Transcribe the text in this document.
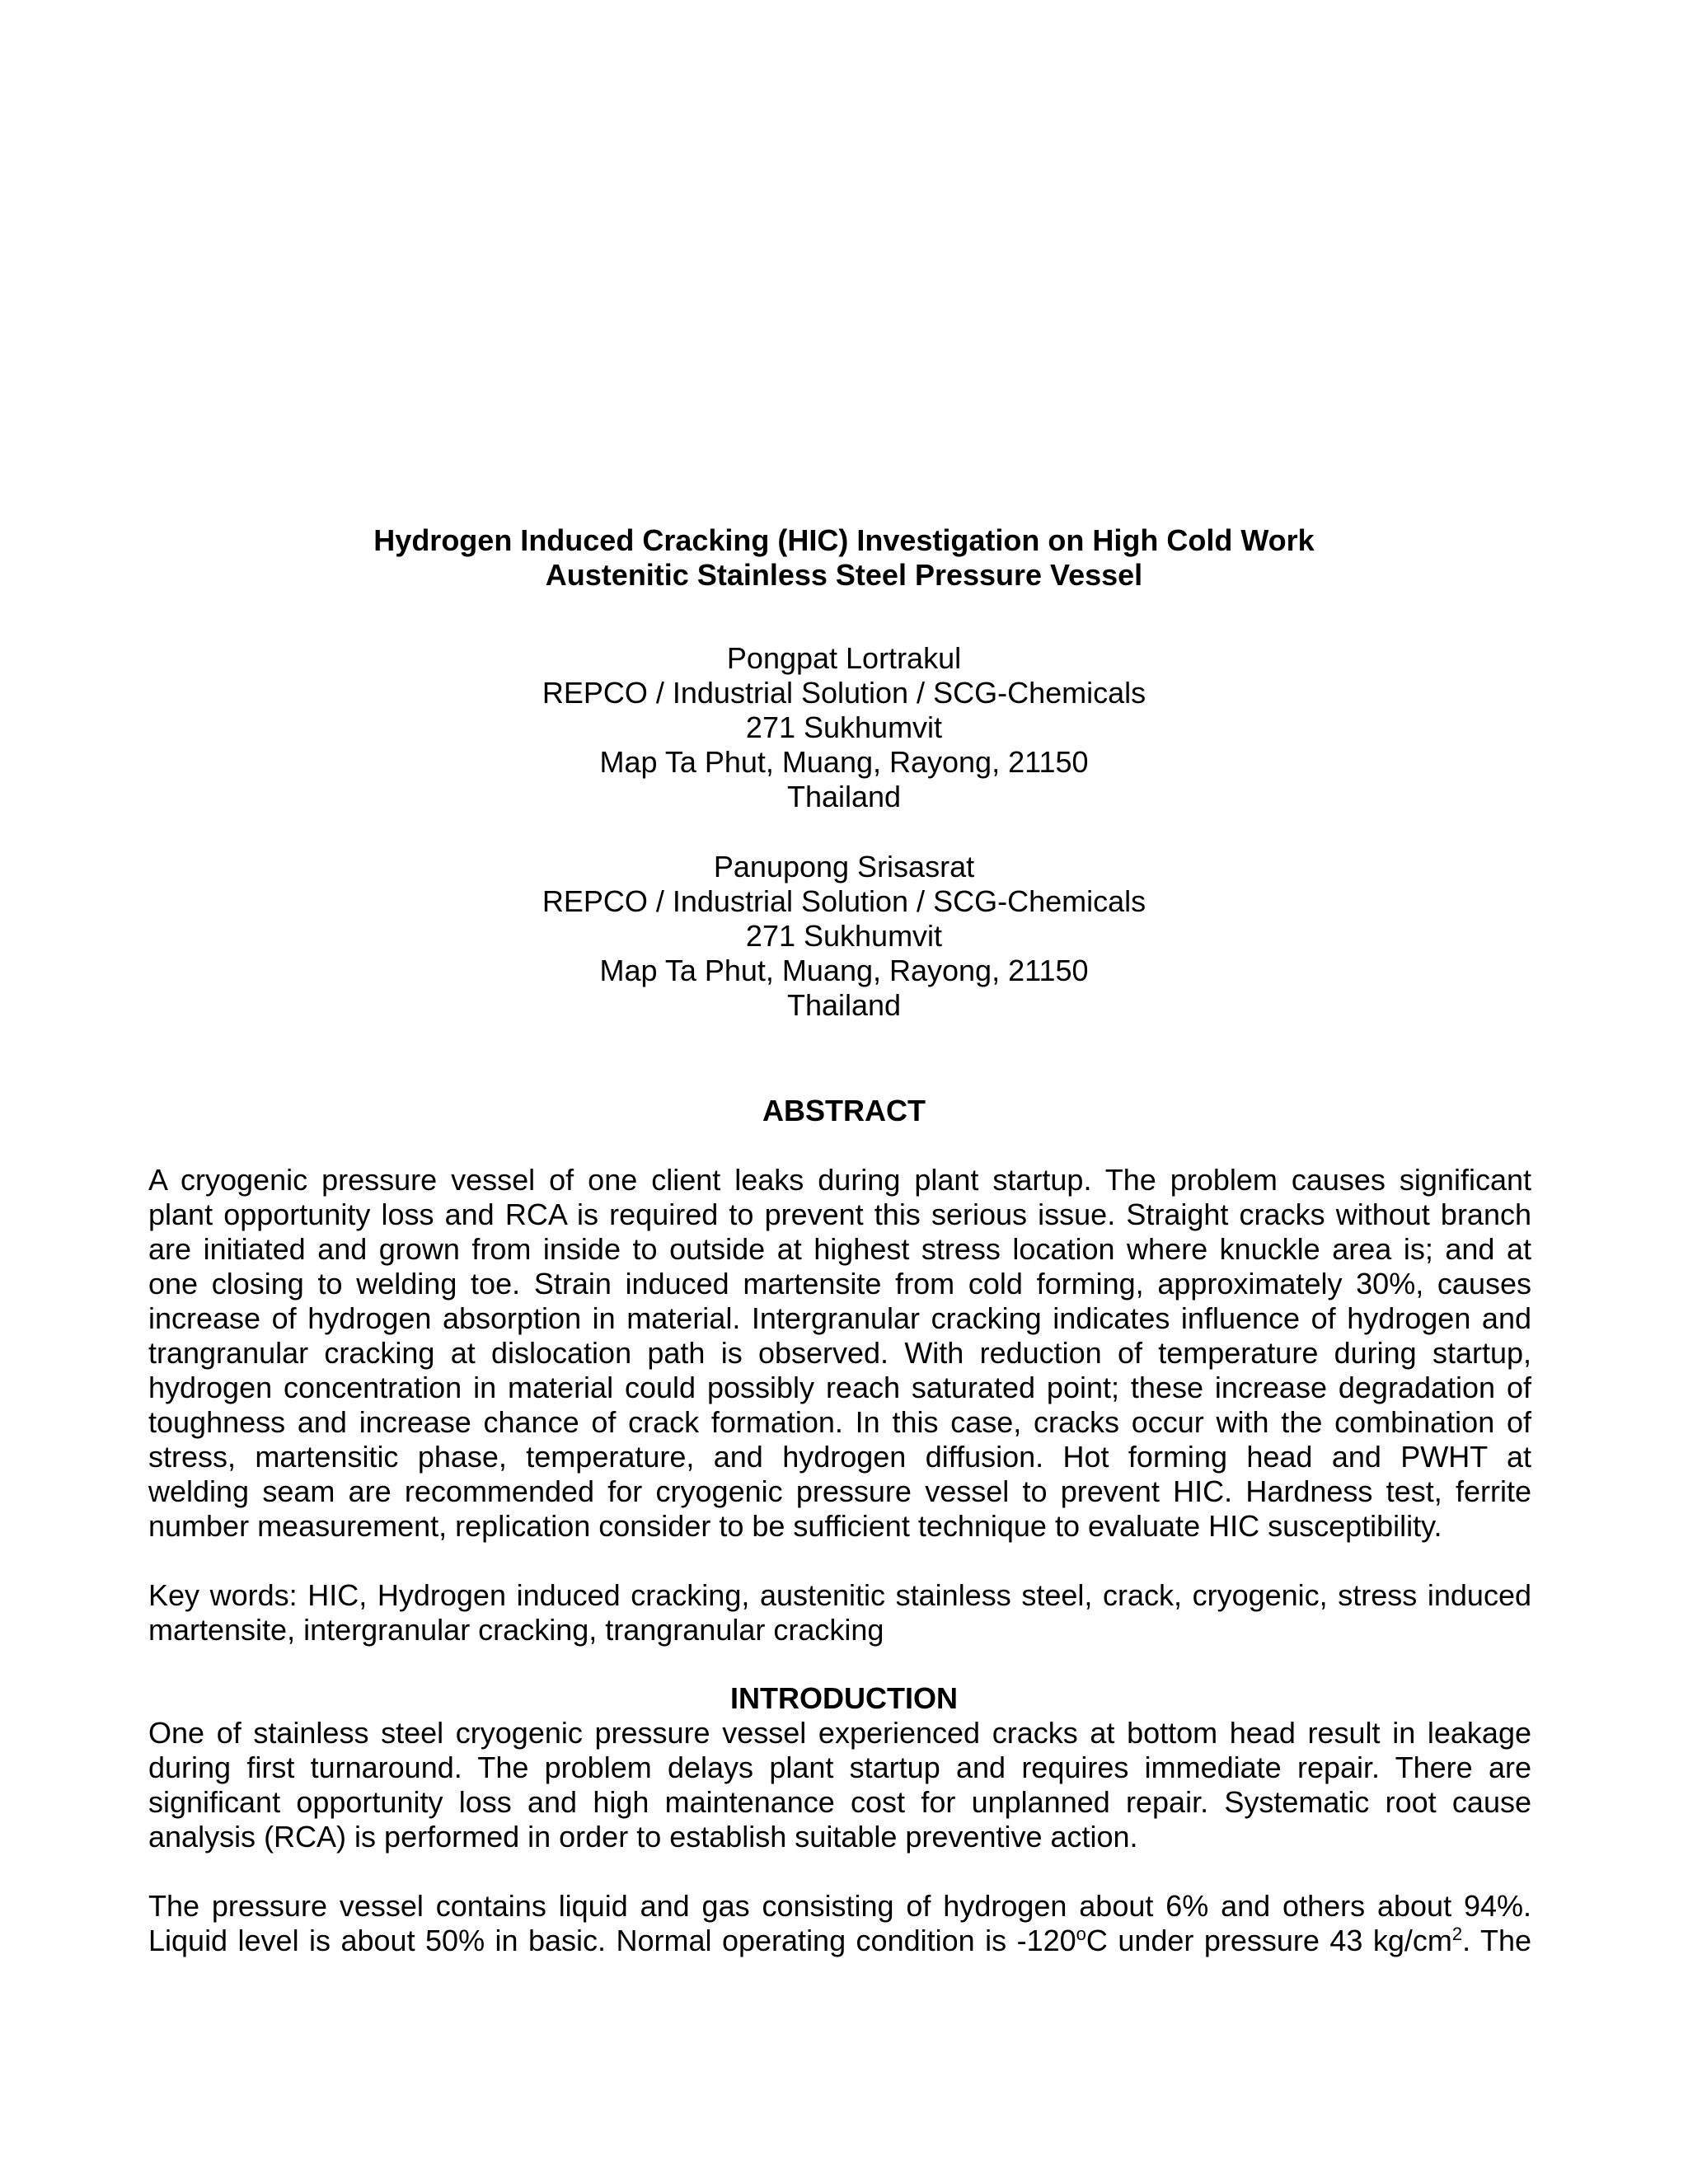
Hydrogen Induced Cracking (HIC) Investigation on High Cold Work
Austenitic Stainless Steel Pressure Vessel
Pongpat Lortrakul
REPCO / Industrial Solution / SCG-Chemicals
271 Sukhumvit
Map Ta Phut, Muang, Rayong, 21150
Thailand
Panupong Srisasrat
REPCO / Industrial Solution / SCG-Chemicals
271 Sukhumvit
Map Ta Phut, Muang, Rayong, 21150
Thailand
ABSTRACT
A cryogenic pressure vessel of one client leaks during plant startup. The problem causes significant
plant opportunity loss and RCA is required to prevent this serious issue. Straight cracks without branch
are initiated and grown from inside to outside at highest stress location where knuckle area is; and at
one closing to welding toe. Strain induced martensite from cold forming, approximately 30%, causes
increase of hydrogen absorption in material. Intergranular cracking indicates influence of hydrogen and
trangranular cracking at dislocation path is observed. With reduction of temperature during startup,
hydrogen concentration in material could possibly reach saturated point; these increase degradation of
toughness and increase chance of crack formation. In this case, cracks occur with the combination of
stress, martensitic phase, temperature, and hydrogen diffusion. Hot forming head and PWHT at
welding seam are recommended for cryogenic pressure vessel to prevent HIC. Hardness test, ferrite
number measurement, replication consider to be sufficient technique to evaluate HIC susceptibility.
Key words: HIC, Hydrogen induced cracking, austenitic stainless steel, crack, cryogenic, stress induced
martensite, intergranular cracking, trangranular cracking
INTRODUCTION
One of stainless steel cryogenic pressure vessel experienced cracks at bottom head result in leakage
during first turnaround. The problem delays plant startup and requires immediate repair. There are
significant opportunity loss and high maintenance cost for unplanned repair. Systematic root cause
analysis (RCA) is performed in order to establish suitable preventive action.
The pressure vessel contains liquid and gas consisting of hydrogen about 6% and others about 94%.
Liquid level is about 50% in basic. Normal operating condition is -120$^o$C under pressure 43 $kg/cm^2$. The
